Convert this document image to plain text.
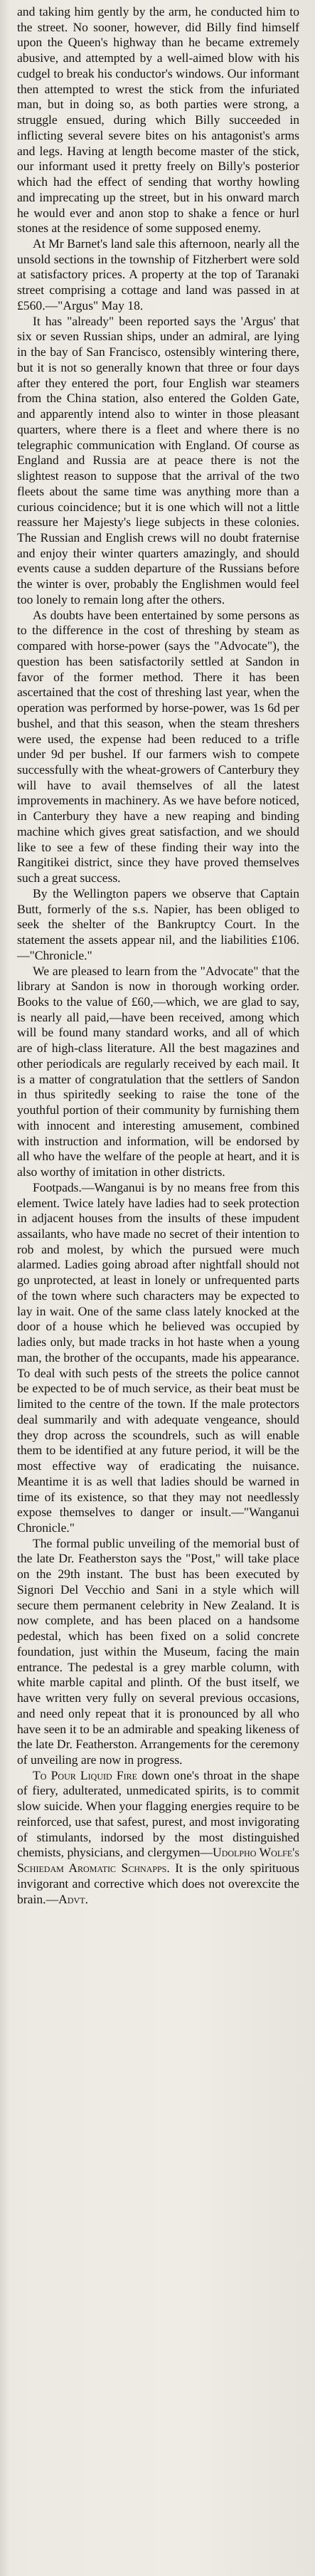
and taking him gently by the arm, he conducted him to the street. No sooner, however, did Billy find himself upon the Queen's highway than he became extremely abusive, and attempted by a well-aimed blow with his cudgel to break his conductor's windows. Our informant then attempted to wrest the stick from the infuriated man, but in doing so, as both parties were strong, a struggle ensued, during which Billy succeeded in inflicting several severe bites on his antagonist's arms and legs. Having at length become master of the stick, our informant used it pretty freely on Billy's posterior which had the effect of sending that worthy howling and imprecating up the street, but in his onward march he would ever and anon stop to shake a fence or hurl stones at the residence of some supposed enemy.

At Mr Barnet's land sale this afternoon, nearly all the unsold sections in the township of Fitzherbert were sold at satisfactory prices. A property at the top of Taranaki street comprising a cottage and land was passed in at £560.—"Argus" May 18.

It has "already" been reported says the 'Argus' that six or seven Russian ships, under an admiral, are lying in the bay of San Francisco, ostensibly wintering there, but it is not so generally known that three or four days after they entered the port, four English war steamers from the China station, also entered the Golden Gate, and apparently intend also to winter in those pleasant quarters, where there is a fleet and where there is no telegraphic communication with England. Of course as England and Russia are at peace there is not the slightest reason to suppose that the arrival of the two fleets about the same time was anything more than a curious coincidence; but it is one which will not a little reassure her Majesty's liege subjects in these colonies. The Russian and English crews will no doubt fraternise and enjoy their winter quarters amazingly, and should events cause a sudden departure of the Russians before the winter is over, probably the Englishmen would feel too lonely to remain long after the others.

As doubts have been entertained by some persons as to the difference in the cost of threshing by steam as compared with horse-power (says the "Advocate"), the question has been satisfactorily settled at Sandon in favor of the former method. There it has been ascertained that the cost of threshing last year, when the operation was performed by horse-power, was 1s 6d per bushel, and that this season, when the steam threshers were used, the expense had been reduced to a trifle under 9d per bushel. If our farmers wish to compete successfully with the wheat-growers of Canterbury they will have to avail themselves of all the latest improvements in machinery. As we have before noticed, in Canterbury they have a new reaping and binding machine which gives great satisfaction, and we should like to see a few of these finding their way into the Rangitikei district, since they have proved themselves such a great success.

By the Wellington papers we observe that Captain Butt, formerly of the s.s. Napier, has been obliged to seek the shelter of the Bankruptcy Court. In the statement the assets appear nil, and the liabilities £106.—"Chronicle."

We are pleased to learn from the "Advocate" that the library at Sandon is now in thorough working order. Books to the value of £60,—which, we are glad to say, is nearly all paid,—have been received, among which will be found many standard works, and all of which are of high-class literature. All the best magazines and other periodicals are regularly received by each mail. It is a matter of congratulation that the settlers of Sandon in thus spiritedly seeking to raise the tone of the youthful portion of their community by furnishing them with innocent and interesting amusement, combined with instruction and information, will be endorsed by all who have the welfare of the people at heart, and it is also worthy of imitation in other districts.

Footpads.—Wanganui is by no means free from this element. Twice lately have ladies had to seek protection in adjacent houses from the insults of these impudent assailants, who have made no secret of their intention to rob and molest, by which the pursued were much alarmed. Ladies going abroad after nightfall should not go unprotected, at least in lonely or unfrequented parts of the town where such characters may be expected to lay in wait. One of the same class lately knocked at the door of a house which he believed was occupied by ladies only, but made tracks in hot haste when a young man, the brother of the occupants, made his appearance. To deal with such pests of the streets the police cannot be expected to be of much service, as their beat must be limited to the centre of the town. If the male protectors deal summarily and with adequate vengeance, should they drop across the scoundrels, such as will enable them to be identified at any future period, it will be the most effective way of eradicating the nuisance. Meantime it is as well that ladies should be warned in time of its existence, so that they may not needlessly expose themselves to danger or insult.—"Wanganui Chronicle."

The formal public unveiling of the memorial bust of the late Dr. Featherston says the "Post," will take place on the 29th instant. The bust has been executed by Signori Del Vecchio and Sani in a style which will secure them permanent celebrity in New Zealand. It is now complete, and has been placed on a handsome pedestal, which has been fixed on a solid concrete foundation, just within the Museum, facing the main entrance. The pedestal is a grey marble column, with white marble capital and plinth. Of the bust itself, we have written very fully on several previous occasions, and need only repeat that it is pronounced by all who have seen it to be an admirable and speaking likeness of the late Dr. Featherston. Arrangements for the ceremony of unveiling are now in progress.

To Pour Liquid Fire down one's throat in the shape of fiery, adulterated, unmedicated spirits, is to commit slow suicide. When your flagging energies require to be reinforced, use that safest, purest, and most invigorating of stimulants, indorsed by the most distinguished chemists, physicians, and clergymen—Udolpho Wolfe's Schiedam Aromatic Schnapps. It is the only spirituous invigorant and corrective which does not overexcite the brain.—Advt.
